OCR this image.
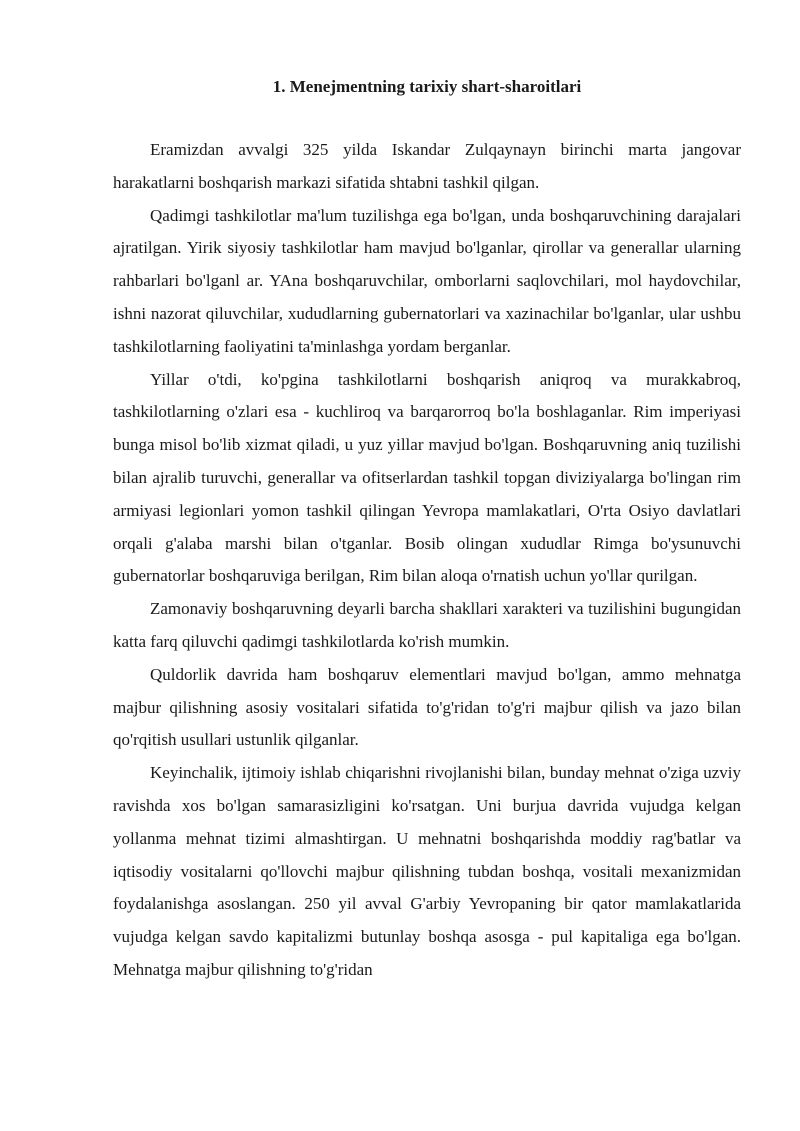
1. Menejmentning tarixiy shart-sharoitlari

Eramizdan avvalgi 325 yilda Iskandar Zulqaynayn birinchi marta jangovar harakatlarni boshqarish markazi sifatida shtabni tashkil qilgan.

Qadimgi tashkilotlar ma'lum tuzilishga ega bo'lgan, unda boshqaruvchining darajalari ajratilgan. Yirik siyosiy tashkilotlar ham mavjud bo'lganlar, qirollar va generallar ularning rahbarlari bo'lganl ar. YAna boshqaruvchilar, omborlarni saqlovchilari, mol haydovchilar, ishni nazorat qiluvchilar, xududlarning gubernatorlari va xazinachilar bo'lganlar, ular ushbu tashkilotlarning faoliyatini ta'minlashga yordam berganlar.

Yillar o'tdi, ko'pgina tashkilotlarni boshqarish aniqroq va murakkabroq, tashkilotlarning o'zlari esa - kuchliroq va barqarorroq bo'la boshlaganlar. Rim imperiyasi bunga misol bo'lib xizmat qiladi, u yuz yillar mavjud bo'lgan. Boshqaruvning aniq tuzilishi bilan ajralib turuvchi, generallar va ofitserlardan tashkil topgan diviziyalarga bo'lingan rim armiyasi legionlari yomon tashkil qilingan Yevropa mamlakatlari, O'rta Osiyo davlatlari orqali g'alaba marshi bilan o'tganlar. Bosib olingan xududlar Rimga bo'ysunuvchi gubernatorlar boshqaruviga berilgan, Rim bilan aloqa o'rnatish uchun yo'llar qurilgan.

Zamonaviy boshqaruvning deyarli barcha shakllari xarakteri va tuzilishini bugungidan katta farq qiluvchi qadimgi tashkilotlarda ko'rish mumkin.

Quldorlik davrida ham boshqaruv elementlari mavjud bo'lgan, ammo mehnatga majbur qilishning asosiy vositalari sifatida to'g'ridan to'g'ri majbur qilish va jazo bilan qo'rqitish usullari ustunlik qilganlar.

Keyinchalik, ijtimoiy ishlab chiqarishni rivojlanishi bilan, bunday mehnat o'ziga uzviy ravishda xos bo'lgan samarasizligini ko'rsatgan. Uni burjua davrida vujudga kelgan yollanma mehnat tizimi almashtirgan. U mehnatni boshqarishda moddiy rag'batlar va iqtisodiy vositalarni qo'llovchi majbur qilishning tubdan boshqa, vositali mexanizmidan foydalanishga asoslangan. 250 yil avval G'arbiy Yevropaning bir qator mamlakatlarida vujudga kelgan savdo kapitalizmi butunlay boshqa asosga - pul kapitaliga ega bo'lgan. Mehnatga majbur qilishning to'g'ridan
